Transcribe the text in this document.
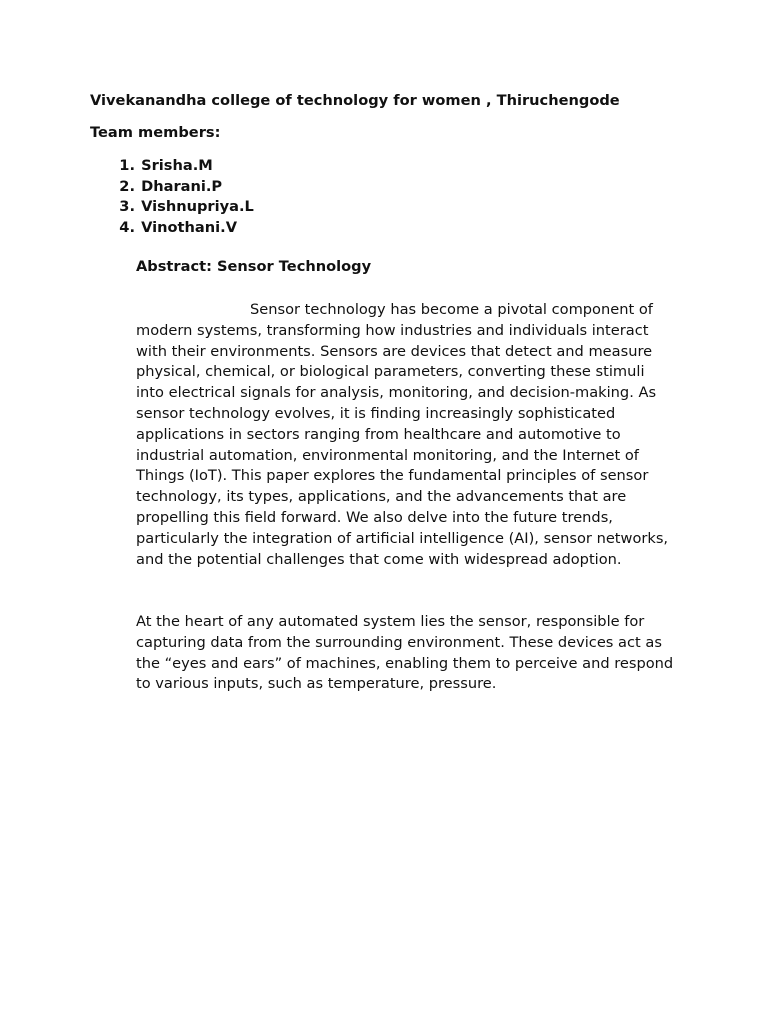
Vivekanandha college of technology for women , Thiruchengode

Team members:

1. Srisha.M
2. Dharani.P
3. Vishnupriya.L
4. Vinothani.V

Abstract: Sensor Technology

Sensor technology has become a pivotal component of modern systems, transforming how industries and individuals interact with their environments. Sensors are devices that detect and measure physical, chemical, or biological parameters, converting these stimuli into electrical signals for analysis, monitoring, and decision-making. As sensor technology evolves, it is finding increasingly sophisticated applications in sectors ranging from healthcare and automotive to industrial automation, environmental monitoring, and the Internet of Things (IoT). This paper explores the fundamental principles of sensor technology, its types, applications, and the advancements that are propelling this field forward. We also delve into the future trends, particularly the integration of artificial intelligence (AI), sensor networks, and the potential challenges that come with widespread adoption.

At the heart of any automated system lies the sensor, responsible for capturing data from the surrounding environment. These devices act as the “eyes and ears” of machines, enabling them to perceive and respond to various inputs, such as temperature, pressure.
